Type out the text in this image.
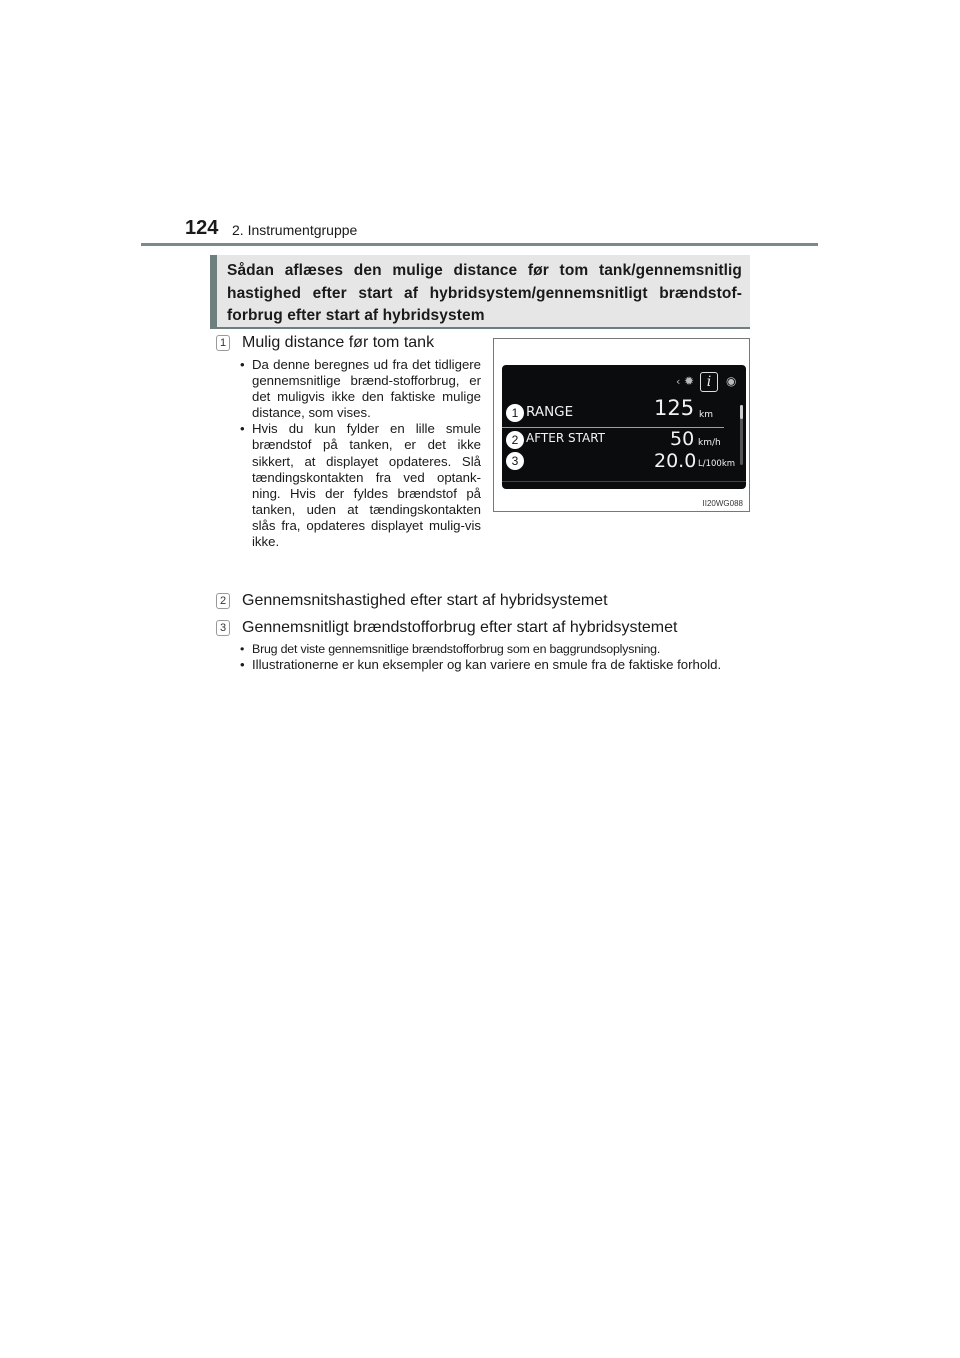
124 2. Instrumentgruppe
Sådan aflæses den mulige distance før tom tank/gennemsnitlig hastighed efter start af hybridsystem/gennemsnitligt brændstof-forbrug efter start af hybridsystem
1 Mulig distance før tom tank
• Da denne beregnes ud fra det tidligere gennemsnitlige brænd-stofforbrug, er det muligvis ikke den faktiske mulige distance, som vises.
• Hvis du kun fylder en lille smule brændstof på tanken, er det ikke sikkert, at displayet opdateres. Slå tændingskontakten fra ved optank-ning. Hvis der fyldes brændstof på tanken, uden at tændingskontakten slås fra, opdateres displayet mulig-vis ikke.
2 Gennemsnitshastighed efter start af hybridsystemet
3 Gennemsnitligt brændstofforbrug efter start af hybridsystemet
• Brug det viste gennemsnitlige brændstofforbrug som en baggrundsoplysning.
• Illustrationerne er kun eksempler og kan variere en smule fra de faktiske forhold.
‹ ✹ i	◉
1 RANGE	125 km
2 AFTER START	50 km/h
3	20.0 L/100km
II20WG088
